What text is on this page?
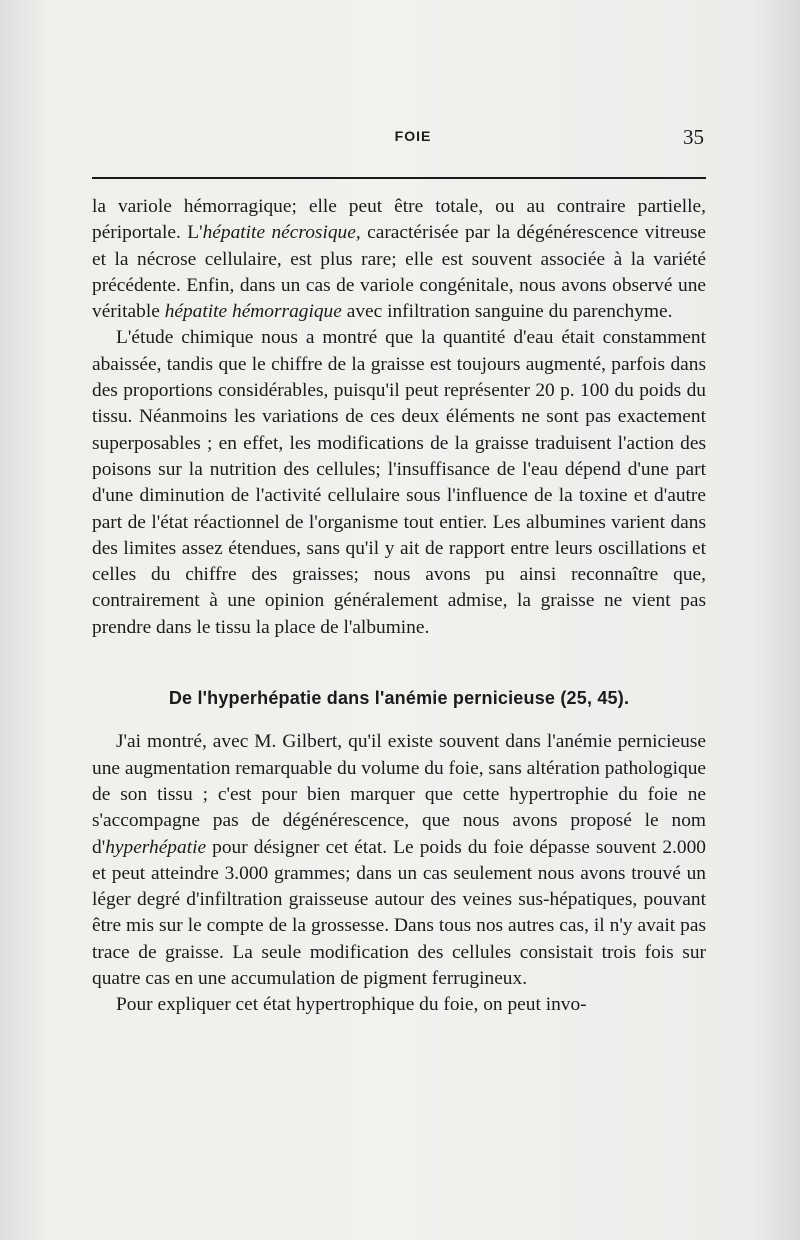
FOIE	35

la variole hémorragique; elle peut être totale, ou au contraire partielle, périportale. L'hépatite nécrosique, caractérisée par la dégénérescence vitreuse et la nécrose cellulaire, est plus rare; elle est souvent associée à la variété précédente. Enfin, dans un cas de variole congénitale, nous avons observé une véritable hépatite hémorragique avec infiltration sanguine du parenchyme.

L'étude chimique nous a montré que la quantité d'eau était constamment abaissée, tandis que le chiffre de la graisse est toujours augmenté, parfois dans des proportions considérables, puisqu'il peut représenter 20 p. 100 du poids du tissu. Néanmoins les variations de ces deux éléments ne sont pas exactement superposables ; en effet, les modifications de la graisse traduisent l'action des poisons sur la nutrition des cellules; l'insuffisance de l'eau dépend d'une part d'une diminution de l'activité cellulaire sous l'influence de la toxine et d'autre part de l'état réactionnel de l'organisme tout entier. Les albumines varient dans des limites assez étendues, sans qu'il y ait de rapport entre leurs oscillations et celles du chiffre des graisses; nous avons pu ainsi reconnaître que, contrairement à une opinion généralement admise, la graisse ne vient pas prendre dans le tissu la place de l'albumine.

De l'hyperhépatie dans l'anémie pernicieuse (25, 45).

J'ai montré, avec M. Gilbert, qu'il existe souvent dans l'anémie pernicieuse une augmentation remarquable du volume du foie, sans altération pathologique de son tissu ; c'est pour bien marquer que cette hypertrophie du foie ne s'accompagne pas de dégénérescence, que nous avons proposé le nom d'hyperhépatie pour désigner cet état. Le poids du foie dépasse souvent 2.000 et peut atteindre 3.000 grammes; dans un cas seulement nous avons trouvé un léger degré d'infiltration graisseuse autour des veines sus-hépatiques, pouvant être mis sur le compte de la grossesse. Dans tous nos autres cas, il n'y avait pas trace de graisse. La seule modification des cellules consistait trois fois sur quatre cas en une accumulation de pigment ferrugineux.

Pour expliquer cet état hypertrophique du foie, on peut invo-
